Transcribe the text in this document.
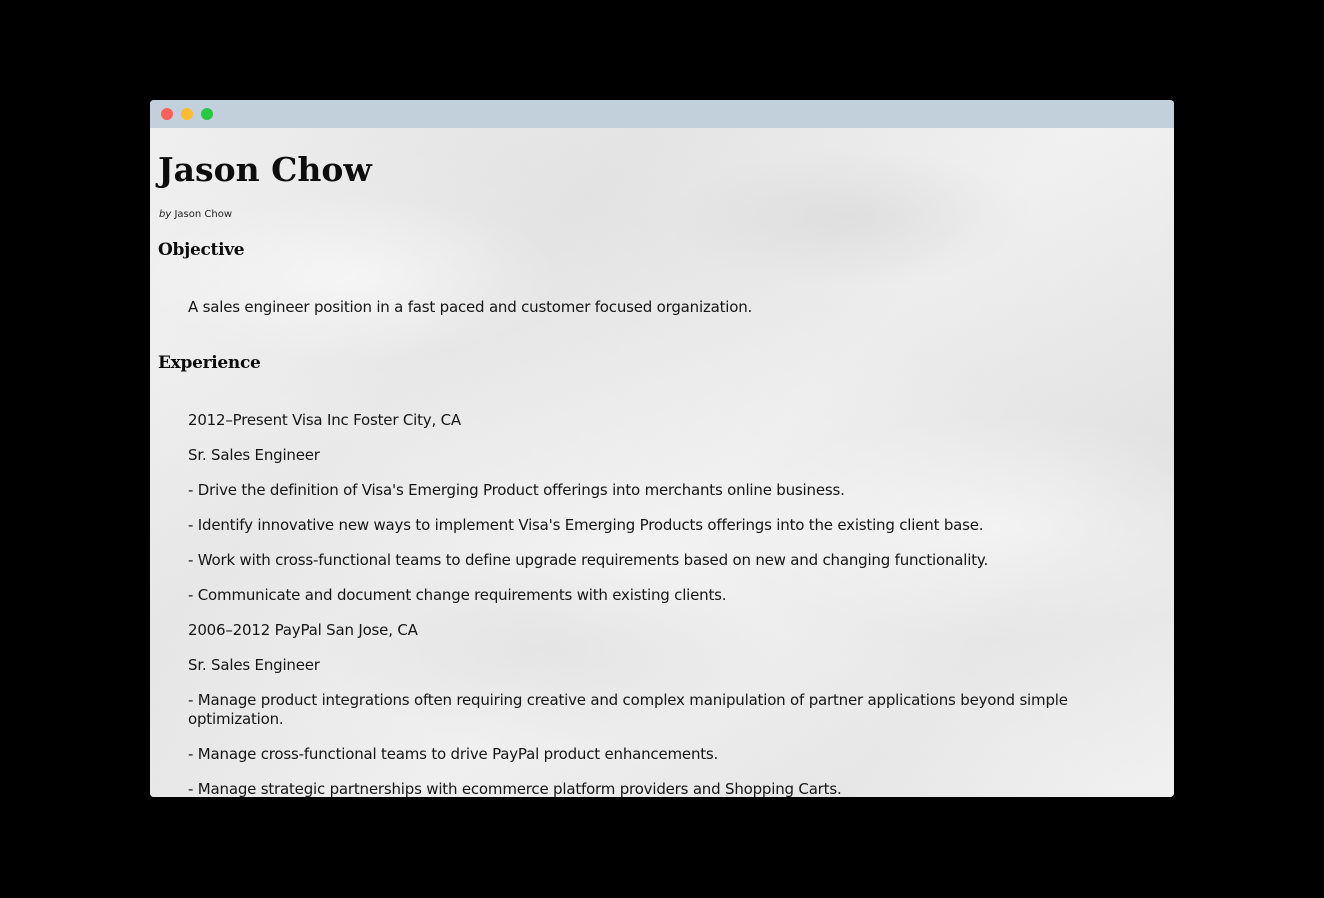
Jason Chow
by Jason Chow
Objective

A sales engineer position in a fast paced and customer focused organization.

Experience

2012–Present Visa Inc Foster City, CA

Sr. Sales Engineer

- Drive the definition of Visa's Emerging Product offerings into merchants online business.

- Identify innovative new ways to implement Visa's Emerging Products offerings into the existing client base.

- Work with cross-functional teams to define upgrade requirements based on new and changing functionality.

- Communicate and document change requirements with existing clients.

2006–2012 PayPal San Jose, CA

Sr. Sales Engineer

- Manage product integrations often requiring creative and complex manipulation of partner applications beyond simple optimization.

- Manage cross-functional teams to drive PayPal product enhancements.

- Manage strategic partnerships with ecommerce platform providers and Shopping Carts.
